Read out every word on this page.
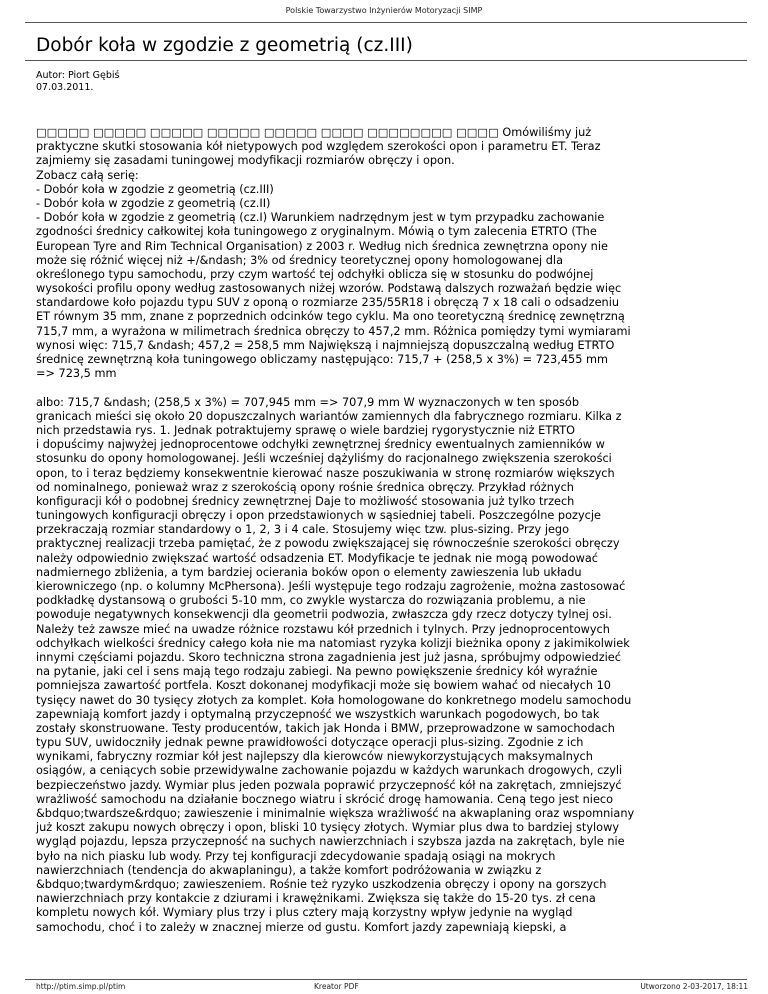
Polskie Towarzystwo Inżynierów Motoryzacji SIMP
Dobór koła w zgodzie z geometrią (cz.III)
Autor: Piort Gębiś
07.03.2011.
□□□□□ □□□□□ □□□□□ □□□□□ □□□□□ □□□□ □□□□□□□□ □□□□ Omówiliśmy już
praktyczne skutki stosowania kół nietypowych pod względem szerokości opon i parametru ET. Teraz
zajmiemy się zasadami tuningowej modyfikacji rozmiarów obręczy i opon.
Zobacz całą serię:
- Dobór koła w zgodzie z geometrią (cz.III)
- Dobór koła w zgodzie z geometrią (cz.II)
- Dobór koła w zgodzie z geometrią (cz.I) Warunkiem nadrzędnym jest w tym przypadku zachowanie
zgodności średnicy całkowitej koła tuningowego z oryginalnym. Mówią o tym zalecenia ETRTO (The
European Tyre and Rim Technical Organisation) z 2003 r. Według nich średnica zewnętrzna opony nie
może się różnić więcej niż +/&ndash; 3% od średnicy teoretycznej opony homologowanej dla
określonego typu samochodu, przy czym wartość tej odchyłki oblicza się w stosunku do podwójnej
wysokości profilu opony według zastosowanych niżej wzorów. Podstawą dalszych rozważań będzie więc
standardowe koło pojazdu typu SUV z oponą o rozmiarze 235/55R18 i obręczą 7 x 18 cali o odsadzeniu
ET równym 35 mm, znane z poprzednich odcinków tego cyklu. Ma ono teoretyczną średnicę zewnętrzną
715,7 mm, a wyrażona w milimetrach średnica obręczy to 457,2 mm. Różnica pomiędzy tymi wymiarami
wynosi więc: 715,7 &ndash; 457,2 = 258,5 mm Największą i najmniejszą dopuszczalną według ETRTO
średnicę zewnętrzną koła tuningowego obliczamy następująco: 715,7 + (258,5 x 3%) = 723,455 mm
=> 723,5 mm
albo: 715,7 &ndash; (258,5 x 3%) = 707,945 mm => 707,9 mm W wyznaczonych w ten sposób
granicach mieści się około 20 dopuszczalnych wariantów zamiennych dla fabrycznego rozmiaru. Kilka z
nich przedstawia rys. 1. Jednak potraktujemy sprawę o wiele bardziej rygorystycznie niż ETRTO
i dopuścimy najwyżej jednoprocentowe odchyłki zewnętrznej średnicy ewentualnych zamienników w
stosunku do opony homologowanej. Jeśli wcześniej dążyliśmy do racjonalnego zwiększenia szerokości
opon, to i teraz będziemy konsekwentnie kierować nasze poszukiwania w stronę rozmiarów większych
od nominalnego, ponieważ wraz z szerokością opony rośnie średnica obręczy. Przykład różnych
konfiguracji kół o podobnej średnicy zewnętrznej Daje to możliwość stosowania już tylko trzech
tuningowych konfiguracji obręczy i opon przedstawionych w sąsiedniej tabeli. Poszczególne pozycje
przekraczają rozmiar standardowy o 1, 2, 3 i 4 cale. Stosujemy więc tzw. plus-sizing. Przy jego
praktycznej realizacji trzeba pamiętać, że z powodu zwiększającej się równocześnie szerokości obręczy
należy odpowiednio zwiększać wartość odsadzenia ET. Modyfikacje te jednak nie mogą powodować
nadmiernego zbliżenia, a tym bardziej ocierania boków opon o elementy zawieszenia lub układu
kierowniczego (np. o kolumny McPhersona). Jeśli występuje tego rodzaju zagrożenie, można zastosować
podkładkę dystansową o grubości 5-10 mm, co zwykle wystarcza do rozwiązania problemu, a nie
powoduje negatywnych konsekwencji dla geometrii podwozia, zwłaszcza gdy rzecz dotyczy tylnej osi.
Należy też zawsze mieć na uwadze różnice rozstawu kół przednich i tylnych. Przy jednoprocentowych
odchyłkach wielkości średnicy całego koła nie ma natomiast ryzyka kolizji bieżnika opony z jakimikolwiek
innymi częściami pojazdu. Skoro techniczna strona zagadnienia jest już jasna, spróbujmy odpowiedzieć
na pytanie, jaki cel i sens mają tego rodzaju zabiegi. Na pewno powiększenie średnicy kół wyraźnie
pomniejsza zawartość portfela. Koszt dokonanej modyfikacji może się bowiem wahać od niecałych 10
tysięcy nawet do 30 tysięcy złotych za komplet. Koła homologowane do konkretnego modelu samochodu
zapewniają komfort jazdy i optymalną przyczepność we wszystkich warunkach pogodowych, bo tak
zostały skonstruowane. Testy producentów, takich jak Honda i BMW, przeprowadzone w samochodach
typu SUV, uwidoczniły jednak pewne prawidłowości dotyczące operacji plus-sizing. Zgodnie z ich
wynikami, fabryczny rozmiar kół jest najlepszy dla kierowców niewykorzystujących maksymalnych
osiągów, a ceniących sobie przewidywalne zachowanie pojazdu w każdych warunkach drogowych, czyli
bezpieczeństwo jazdy. Wymiar plus jeden pozwala poprawić przyczepność kół na zakrętach, zmniejszyć
wrażliwość samochodu na działanie bocznego wiatru i skrócić drogę hamowania. Ceną tego jest nieco
&bdquo;twardsze&rdquo; zawieszenie i minimalnie większa wrażliwość na akwaplaning oraz wspomniany
już koszt zakupu nowych obręczy i opon, bliski 10 tysięcy złotych. Wymiar plus dwa to bardziej stylowy
wygląd pojazdu, lepsza przyczepność na suchych nawierzchniach i szybsza jazda na zakrętach, byle nie
było na nich piasku lub wody. Przy tej konfiguracji zdecydowanie spadają osiągi na mokrych
nawierzchniach (tendencja do akwaplaningu), a także komfort podróżowania w związku z
&bdquo;twardym&rdquo; zawieszeniem. Rośnie też ryzyko uszkodzenia obręczy i opony na gorszych
nawierzchniach przy kontakcie z dziurami i krawężnikami. Zwiększa się także do 15-20 tys. zł cena
kompletu nowych kół. Wymiary plus trzy i plus cztery mają korzystny wpływ jedynie na wygląd
samochodu, choć i to zależy w znacznej mierze od gustu. Komfort jazdy zapewniają kiepski, a
http://ptim.simp.pl/ptim	Kreator PDF	Utworzono 2-03-2017, 18:11
